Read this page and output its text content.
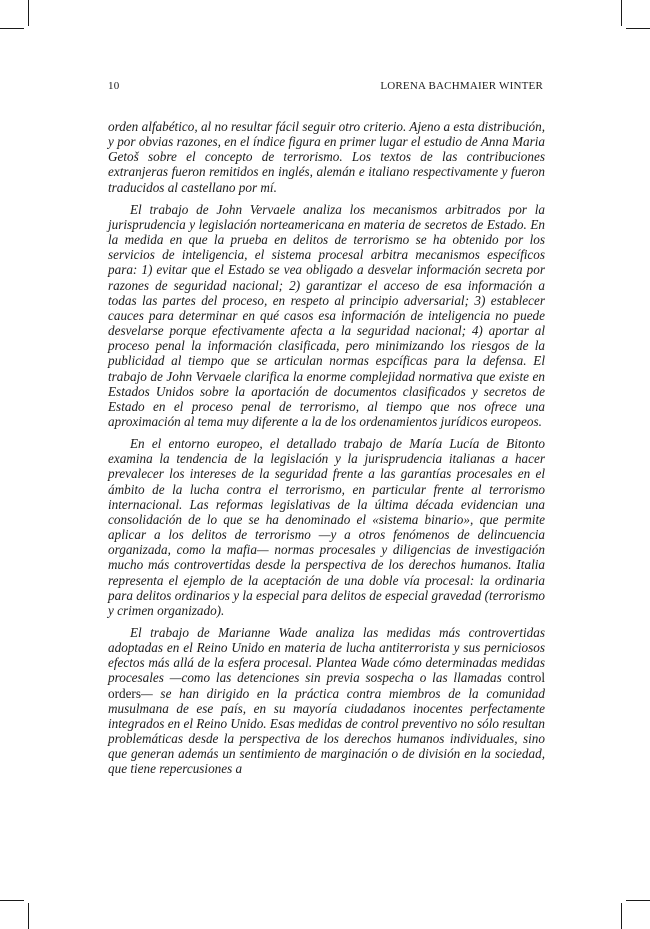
10	LORENA BACHMAIER WINTER

orden alfabético, al no resultar fácil seguir otro criterio. Ajeno a esta distribución, y por obvias razones, en el índice figura en primer lugar el estudio de Anna Maria Getoš sobre el concepto de terrorismo. Los textos de las contribuciones extranjeras fueron remitidos en inglés, alemán e italiano respectivamente y fueron traducidos al castellano por mí.

El trabajo de John Vervaele analiza los mecanismos arbitrados por la jurisprudencia y legislación norteamericana en materia de secretos de Estado. En la medida en que la prueba en delitos de terrorismo se ha obtenido por los servicios de inteligencia, el sistema procesal arbitra mecanismos específicos para: 1) evitar que el Estado se vea obligado a desvelar información secreta por razones de seguridad nacional; 2) garantizar el acceso de esa información a todas las partes del proceso, en respeto al principio adversarial; 3) establecer cauces para determinar en qué casos esa información de inteligencia no puede desvelarse porque efectivamente afecta a la seguridad nacional; 4) aportar al proceso penal la información clasificada, pero minimizando los riesgos de la publicidad al tiempo que se articulan normas espcíficas para la defensa. El trabajo de John Vervaele clarifica la enorme complejidad normativa que existe en Estados Unidos sobre la aportación de documentos clasificados y secretos de Estado en el proceso penal de terrorismo, al tiempo que nos ofrece una aproximación al tema muy diferente a la de los ordenamientos jurídicos europeos.

En el entorno europeo, el detallado trabajo de María Lucía de Bitonto examina la tendencia de la legislación y la jurisprudencia italianas a hacer prevalecer los intereses de la seguridad frente a las garantías procesales en el ámbito de la lucha contra el terrorismo, en particular frente al terrorismo internacional. Las reformas legislativas de la última década evidencian una consolidación de lo que se ha denominado el «sistema binario», que permite aplicar a los delitos de terrorismo —y a otros fenómenos de delincuencia organizada, como la mafia— normas procesales y diligencias de investigación mucho más controvertidas desde la perspectiva de los derechos humanos. Italia representa el ejemplo de la aceptación de una doble vía procesal: la ordinaria para delitos ordinarios y la especial para delitos de especial gravedad (terrorismo y crimen organizado).

El trabajo de Marianne Wade analiza las medidas más controvertidas adoptadas en el Reino Unido en materia de lucha antiterrorista y sus perniciosos efectos más allá de la esfera procesal. Plantea Wade cómo determinadas medidas procesales —como las detenciones sin previa sospecha o las llamadas control orders— se han dirigido en la práctica contra miembros de la comunidad musulmana de ese país, en su mayoría ciudadanos inocentes perfectamente integrados en el Reino Unido. Esas medidas de control preventivo no sólo resultan problemáticas desde la perspectiva de los derechos humanos individuales, sino que generan además un sentimiento de marginación o de división en la sociedad, que tiene repercusiones a
